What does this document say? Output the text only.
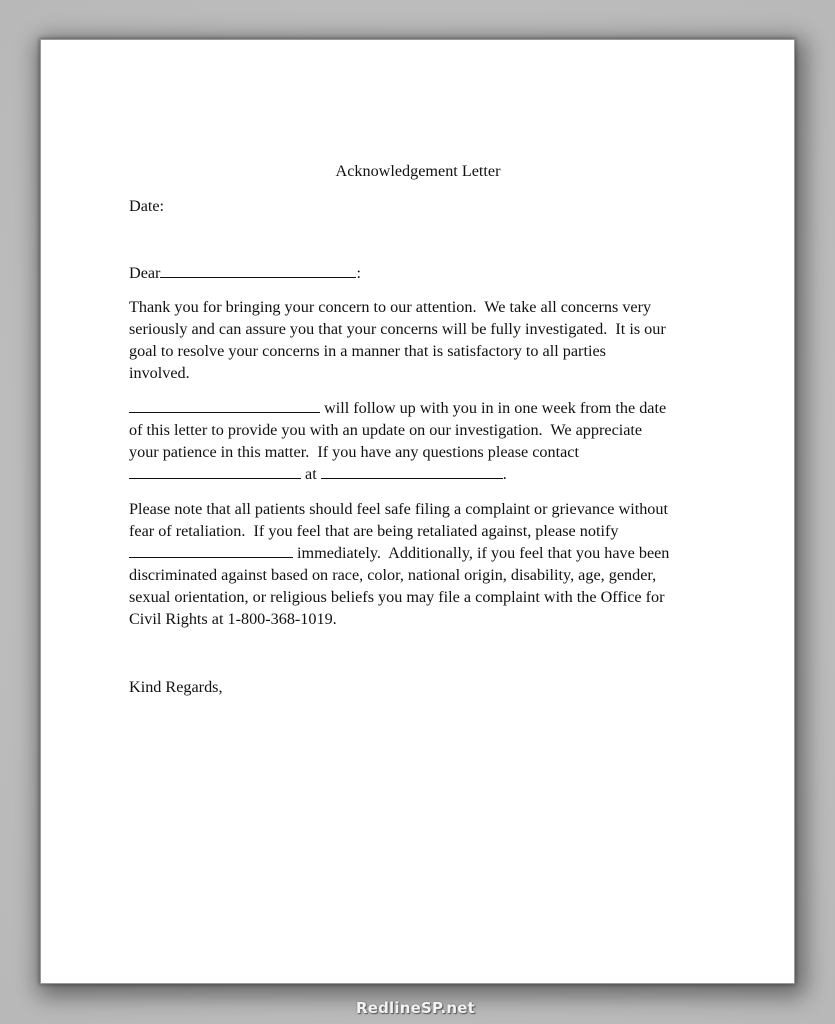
Acknowledgement Letter
Date:
Dear	:
Thank you for bringing your concern to our attention.  We take all concerns very
seriously and can assure you that your concerns will be fully investigated.  It is our
goal to resolve your concerns in a manner that is satisfactory to all parties
involved.
will follow up with you in in one week from the date
of this letter to provide you with an update on our investigation.  We appreciate
your patience in this matter.  If you have any questions please contact
at	.
Please note that all patients should feel safe filing a complaint or grievance without
fear of retaliation.  If you feel that are being retaliated against, please notify
immediately.  Additionally, if you feel that you have been
discriminated against based on race, color, national origin, disability, age, gender,
sexual orientation, or religious beliefs you may file a complaint with the Office for
Civil Rights at 1-800-368-1019.
Kind Regards,
RedlineSP.net
